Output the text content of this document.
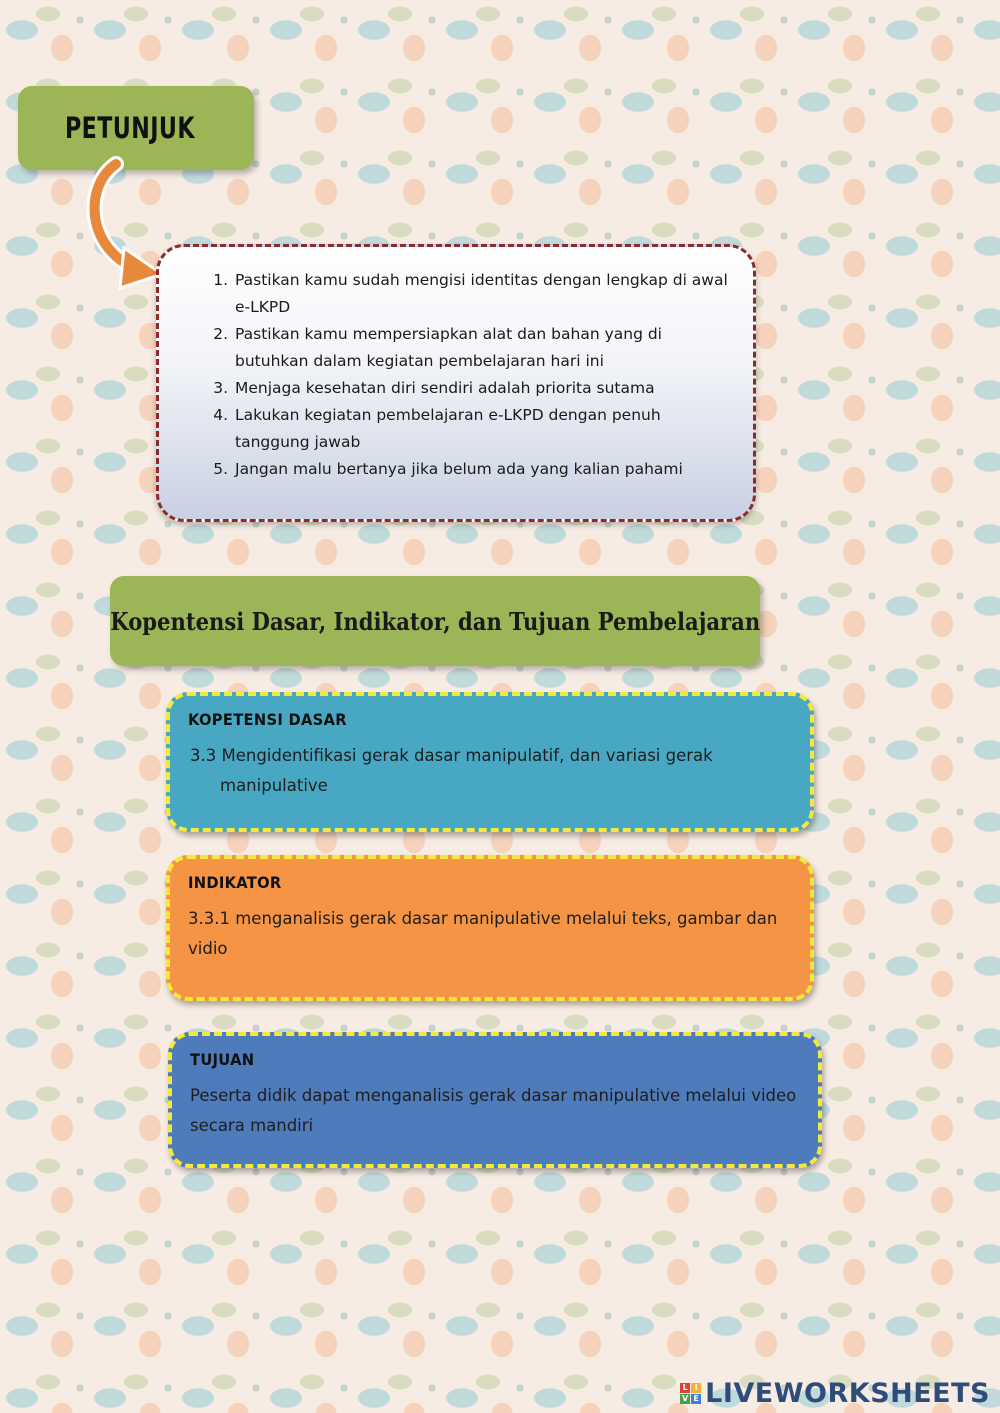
PETUNJUK
1. Pastikan kamu sudah mengisi identitas dengan lengkap di awal e-LKPD
2. Pastikan kamu mempersiapkan alat dan bahan yang di butuhkan dalam kegiatan pembelajaran hari ini
3. Menjaga kesehatan diri sendiri adalah priorita sutama
4. Lakukan kegiatan pembelajaran e-LKPD dengan penuh tanggung jawab
5. Jangan malu bertanya jika belum ada yang kalian pahami
Kopentensi Dasar, Indikator, dan Tujuan Pembelajaran
KOPETENSI DASAR
3.3 Mengidentifikasi gerak dasar manipulatif, dan variasi gerak manipulative
INDIKATOR
3.3.1 menganalisis gerak dasar manipulative melalui teks, gambar dan vidio
TUJUAN
Peserta didik dapat menganalisis gerak dasar manipulative melalui video secara mandiri
L I
V E LIVEWORKSHEETS
